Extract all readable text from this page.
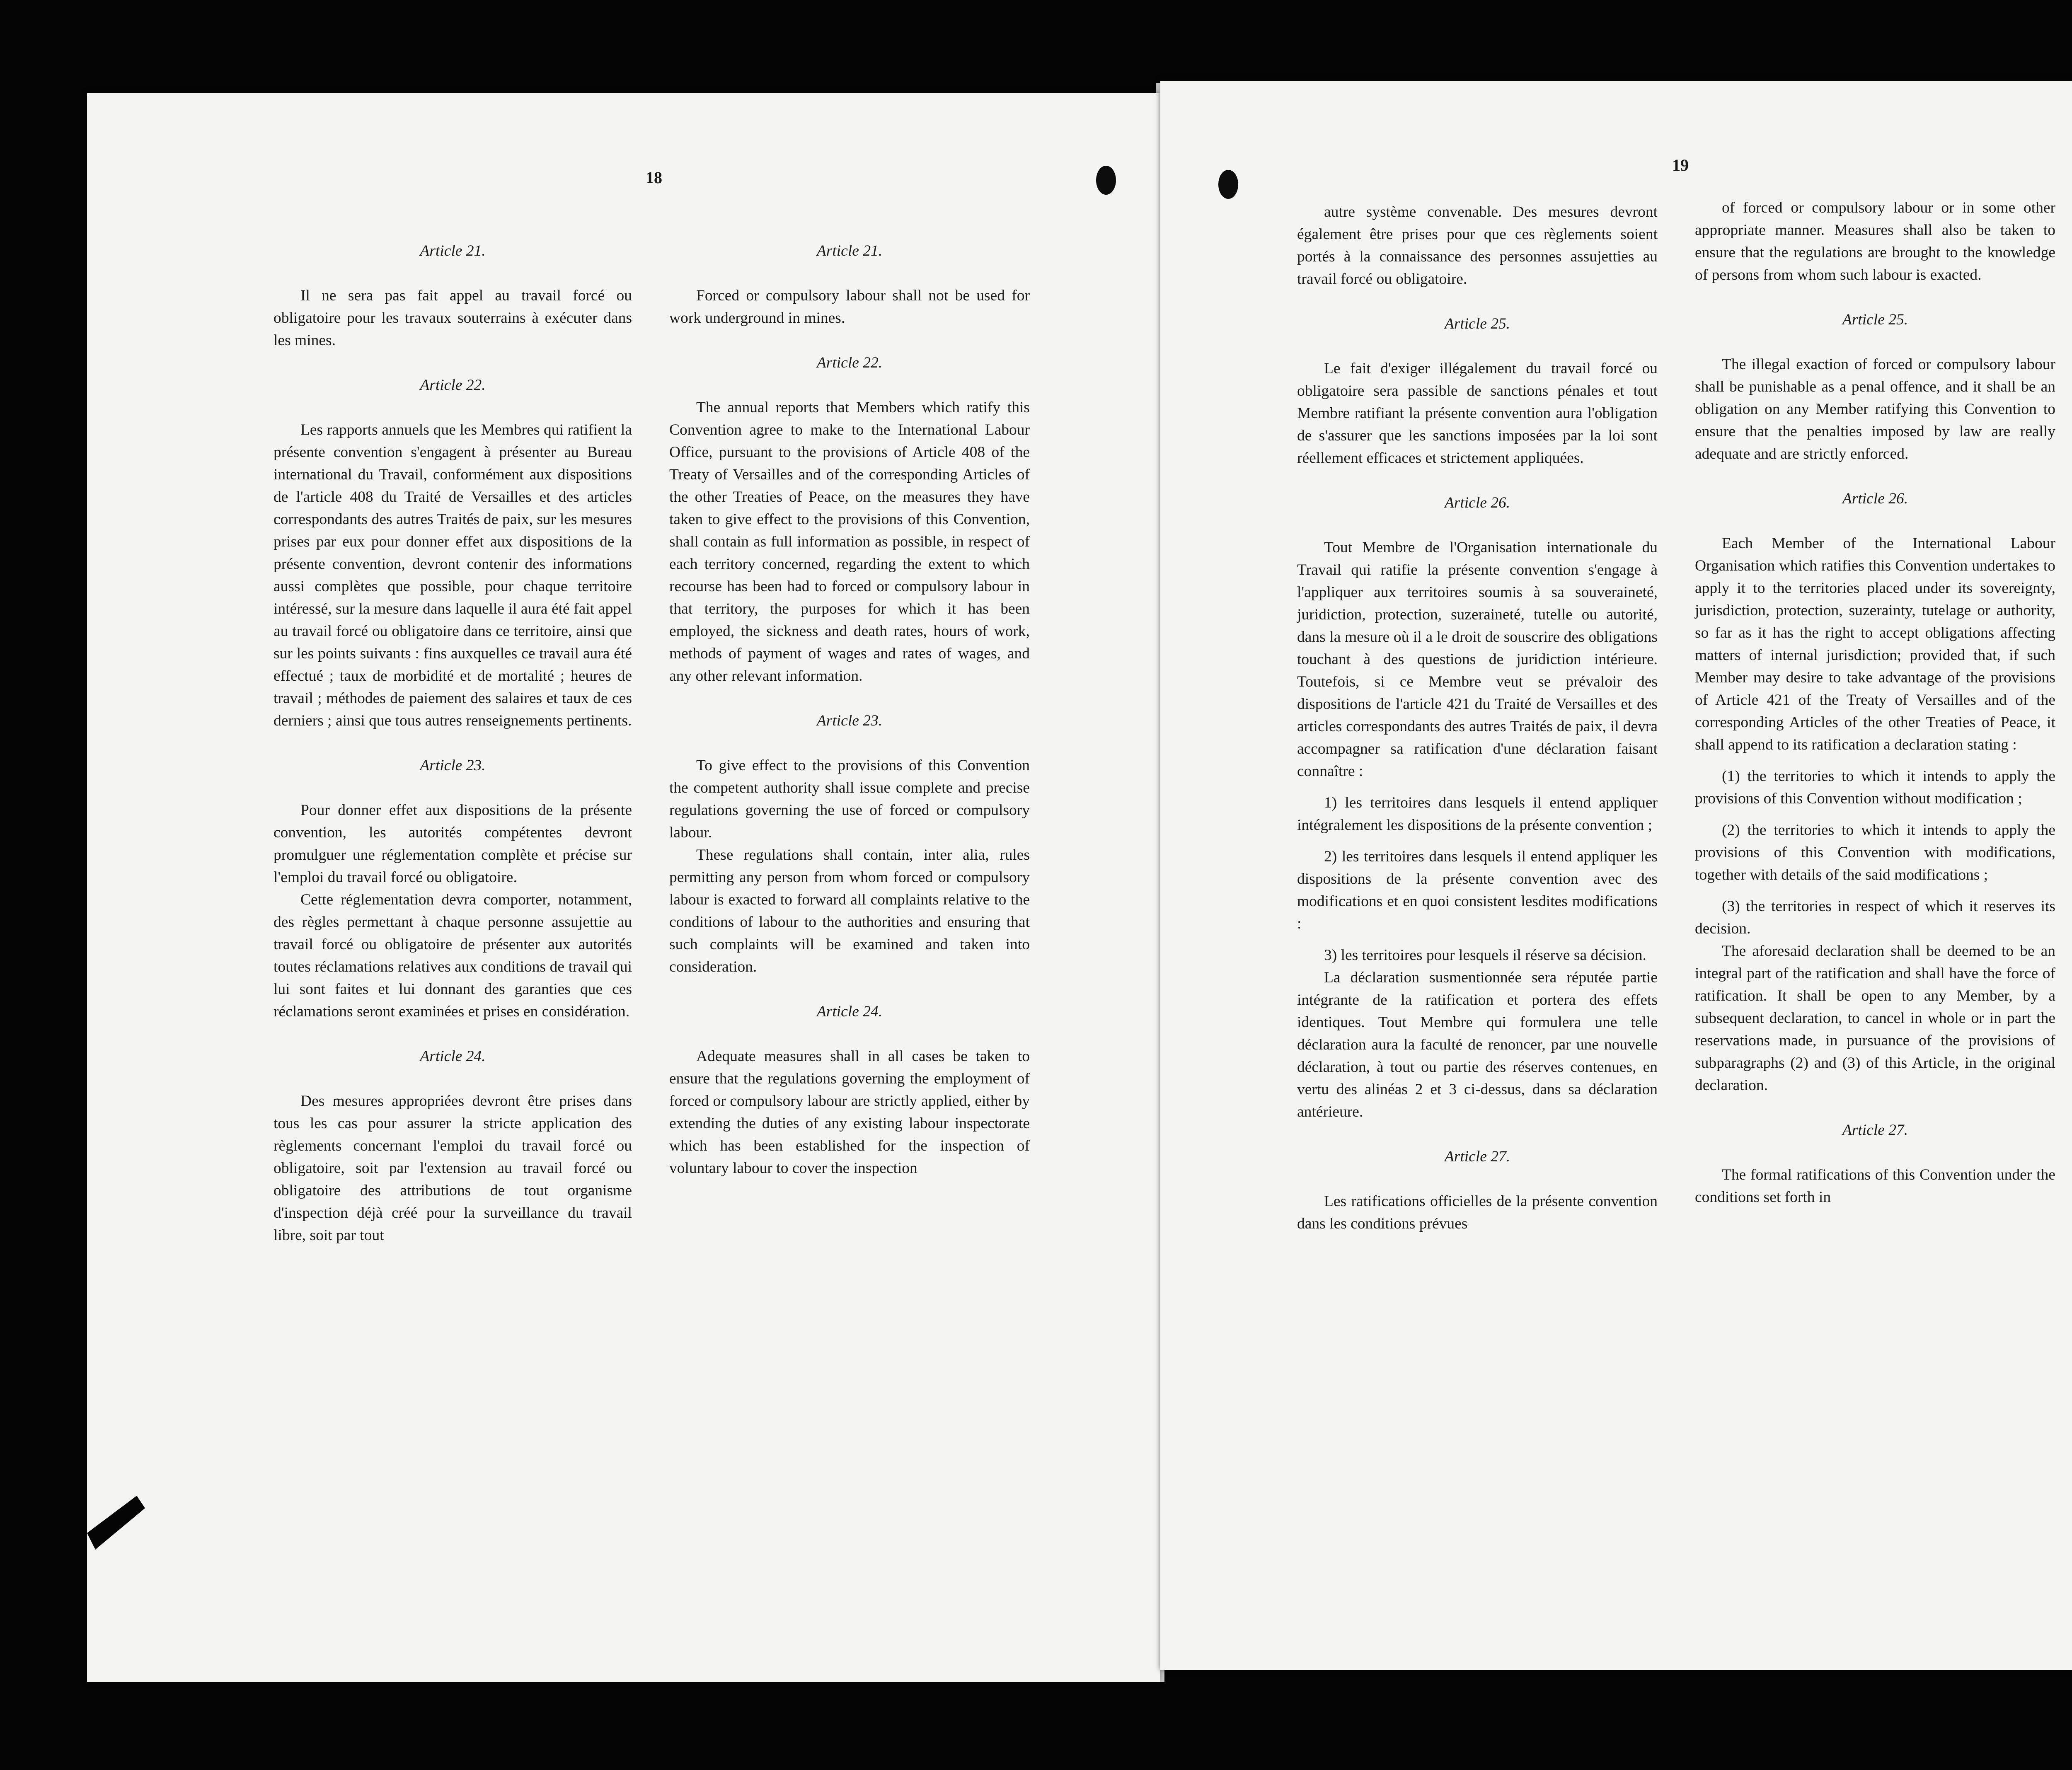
18

Article 21.

Il ne sera pas fait appel au travail forcé ou obligatoire pour les travaux souterrains à exécuter dans les mines.

Article 22.

Les rapports annuels que les Membres qui ratifient la présente convention s'engagent à présenter au Bureau international du Travail, conformément aux dispositions de l'article 408 du Traité de Versailles et des articles correspondants des autres Traités de paix, sur les mesures prises par eux pour donner effet aux dispositions de la présente convention, devront contenir des informations aussi complètes que possible, pour chaque territoire intéressé, sur la mesure dans laquelle il aura été fait appel au travail forcé ou obligatoire dans ce territoire, ainsi que sur les points suivants : fins auxquelles ce travail aura été effectué ; taux de morbidité et de mortalité ; heures de travail ; méthodes de paiement des salaires et taux de ces derniers ; ainsi que tous autres renseignements pertinents.

Article 23.

Pour donner effet aux dispositions de la présente convention, les autorités compétentes devront promulguer une réglementation complète et précise sur l'emploi du travail forcé ou obligatoire.

Cette réglementation devra comporter, notamment, des règles permettant à chaque personne assujettie au travail forcé ou obligatoire de présenter aux autorités toutes réclamations relatives aux conditions de travail qui lui sont faites et lui donnant des garanties que ces réclamations seront examinées et prises en considération.

Article 24.

Des mesures appropriées devront être prises dans tous les cas pour assurer la stricte application des règlements concernant l'emploi du travail forcé ou obligatoire, soit par l'extension au travail forcé ou obligatoire des attributions de tout organisme d'inspection déjà créé pour la surveillance du travail libre, soit par tout

Article 21.

Forced or compulsory labour shall not be used for work underground in mines.

Article 22.

The annual reports that Members which ratify this Convention agree to make to the International Labour Office, pursuant to the provisions of Article 408 of the Treaty of Versailles and of the corresponding Articles of the other Treaties of Peace, on the measures they have taken to give effect to the provisions of this Convention, shall contain as full information as possible, in respect of each territory concerned, regarding the extent to which recourse has been had to forced or compulsory labour in that territory, the purposes for which it has been employed, the sickness and death rates, hours of work, methods of payment of wages and rates of wages, and any other relevant information.

Article 23.

To give effect to the provisions of this Convention the competent authority shall issue complete and precise regulations governing the use of forced or compulsory labour.

These regulations shall contain, inter alia, rules permitting any person from whom forced or compulsory labour is exacted to forward all complaints relative to the conditions of labour to the authorities and ensuring that such complaints will be examined and taken into consideration.

Article 24.

Adequate measures shall in all cases be taken to ensure that the regulations governing the employment of forced or compulsory labour are strictly applied, either by extending the duties of any existing labour inspectorate which has been established for the inspection of voluntary labour to cover the inspection

19

autre système convenable. Des mesures devront également être prises pour que ces règlements soient portés à la connaissance des personnes assujetties au travail forcé ou obligatoire.

Article 25.

Le fait d'exiger illégalement du travail forcé ou obligatoire sera passible de sanctions pénales et tout Membre ratifiant la présente convention aura l'obligation de s'assurer que les sanctions imposées par la loi sont réellement efficaces et strictement appliquées.

Article 26.

Tout Membre de l'Organisation internationale du Travail qui ratifie la présente convention s'engage à l'appliquer aux territoires soumis à sa souveraineté, juridiction, protection, suzeraineté, tutelle ou autorité, dans la mesure où il a le droit de souscrire des obligations touchant à des questions de juridiction intérieure. Toutefois, si ce Membre veut se prévaloir des dispositions de l'article 421 du Traité de Versailles et des articles correspondants des autres Traités de paix, il devra accompagner sa ratification d'une déclaration faisant connaître :

1) les territoires dans lesquels il entend appliquer intégralement les dispositions de la présente convention ;

2) les territoires dans lesquels il entend appliquer les dispositions de la présente convention avec des modifications et en quoi consistent lesdites modifications :

3) les territoires pour lesquels il réserve sa décision.

La déclaration susmentionnée sera réputée partie intégrante de la ratification et portera des effets identiques. Tout Membre qui formulera une telle déclaration aura la faculté de renoncer, par une nouvelle déclaration, à tout ou partie des réserves contenues, en vertu des alinéas 2 et 3 ci-dessus, dans sa déclaration antérieure.

Article 27.

Les ratifications officielles de la présente convention dans les conditions prévues

of forced or compulsory labour or in some other appropriate manner. Measures shall also be taken to ensure that the regulations are brought to the knowledge of persons from whom such labour is exacted.

Article 25.

The illegal exaction of forced or compulsory labour shall be punishable as a penal offence, and it shall be an obligation on any Member ratifying this Convention to ensure that the penalties imposed by law are really adequate and are strictly enforced.

Article 26.

Each Member of the International Labour Organisation which ratifies this Convention undertakes to apply it to the territories placed under its sovereignty, jurisdiction, protection, suzerainty, tutelage or authority, so far as it has the right to accept obligations affecting matters of internal jurisdiction; provided that, if such Member may desire to take advantage of the provisions of Article 421 of the Treaty of Versailles and of the corresponding Articles of the other Treaties of Peace, it shall append to its ratification a declaration stating :

(1) the territories to which it intends to apply the provisions of this Convention without modification ;

(2) the territories to which it intends to apply the provisions of this Convention with modifications, together with details of the said modifications ;

(3) the territories in respect of which it reserves its decision.

The aforesaid declaration shall be deemed to be an integral part of the ratification and shall have the force of ratification. It shall be open to any Member, by a subsequent declaration, to cancel in whole or in part the reservations made, in pursuance of the provisions of subparagraphs (2) and (3) of this Article, in the original declaration.

Article 27.

The formal ratifications of this Convention under the conditions set forth in
